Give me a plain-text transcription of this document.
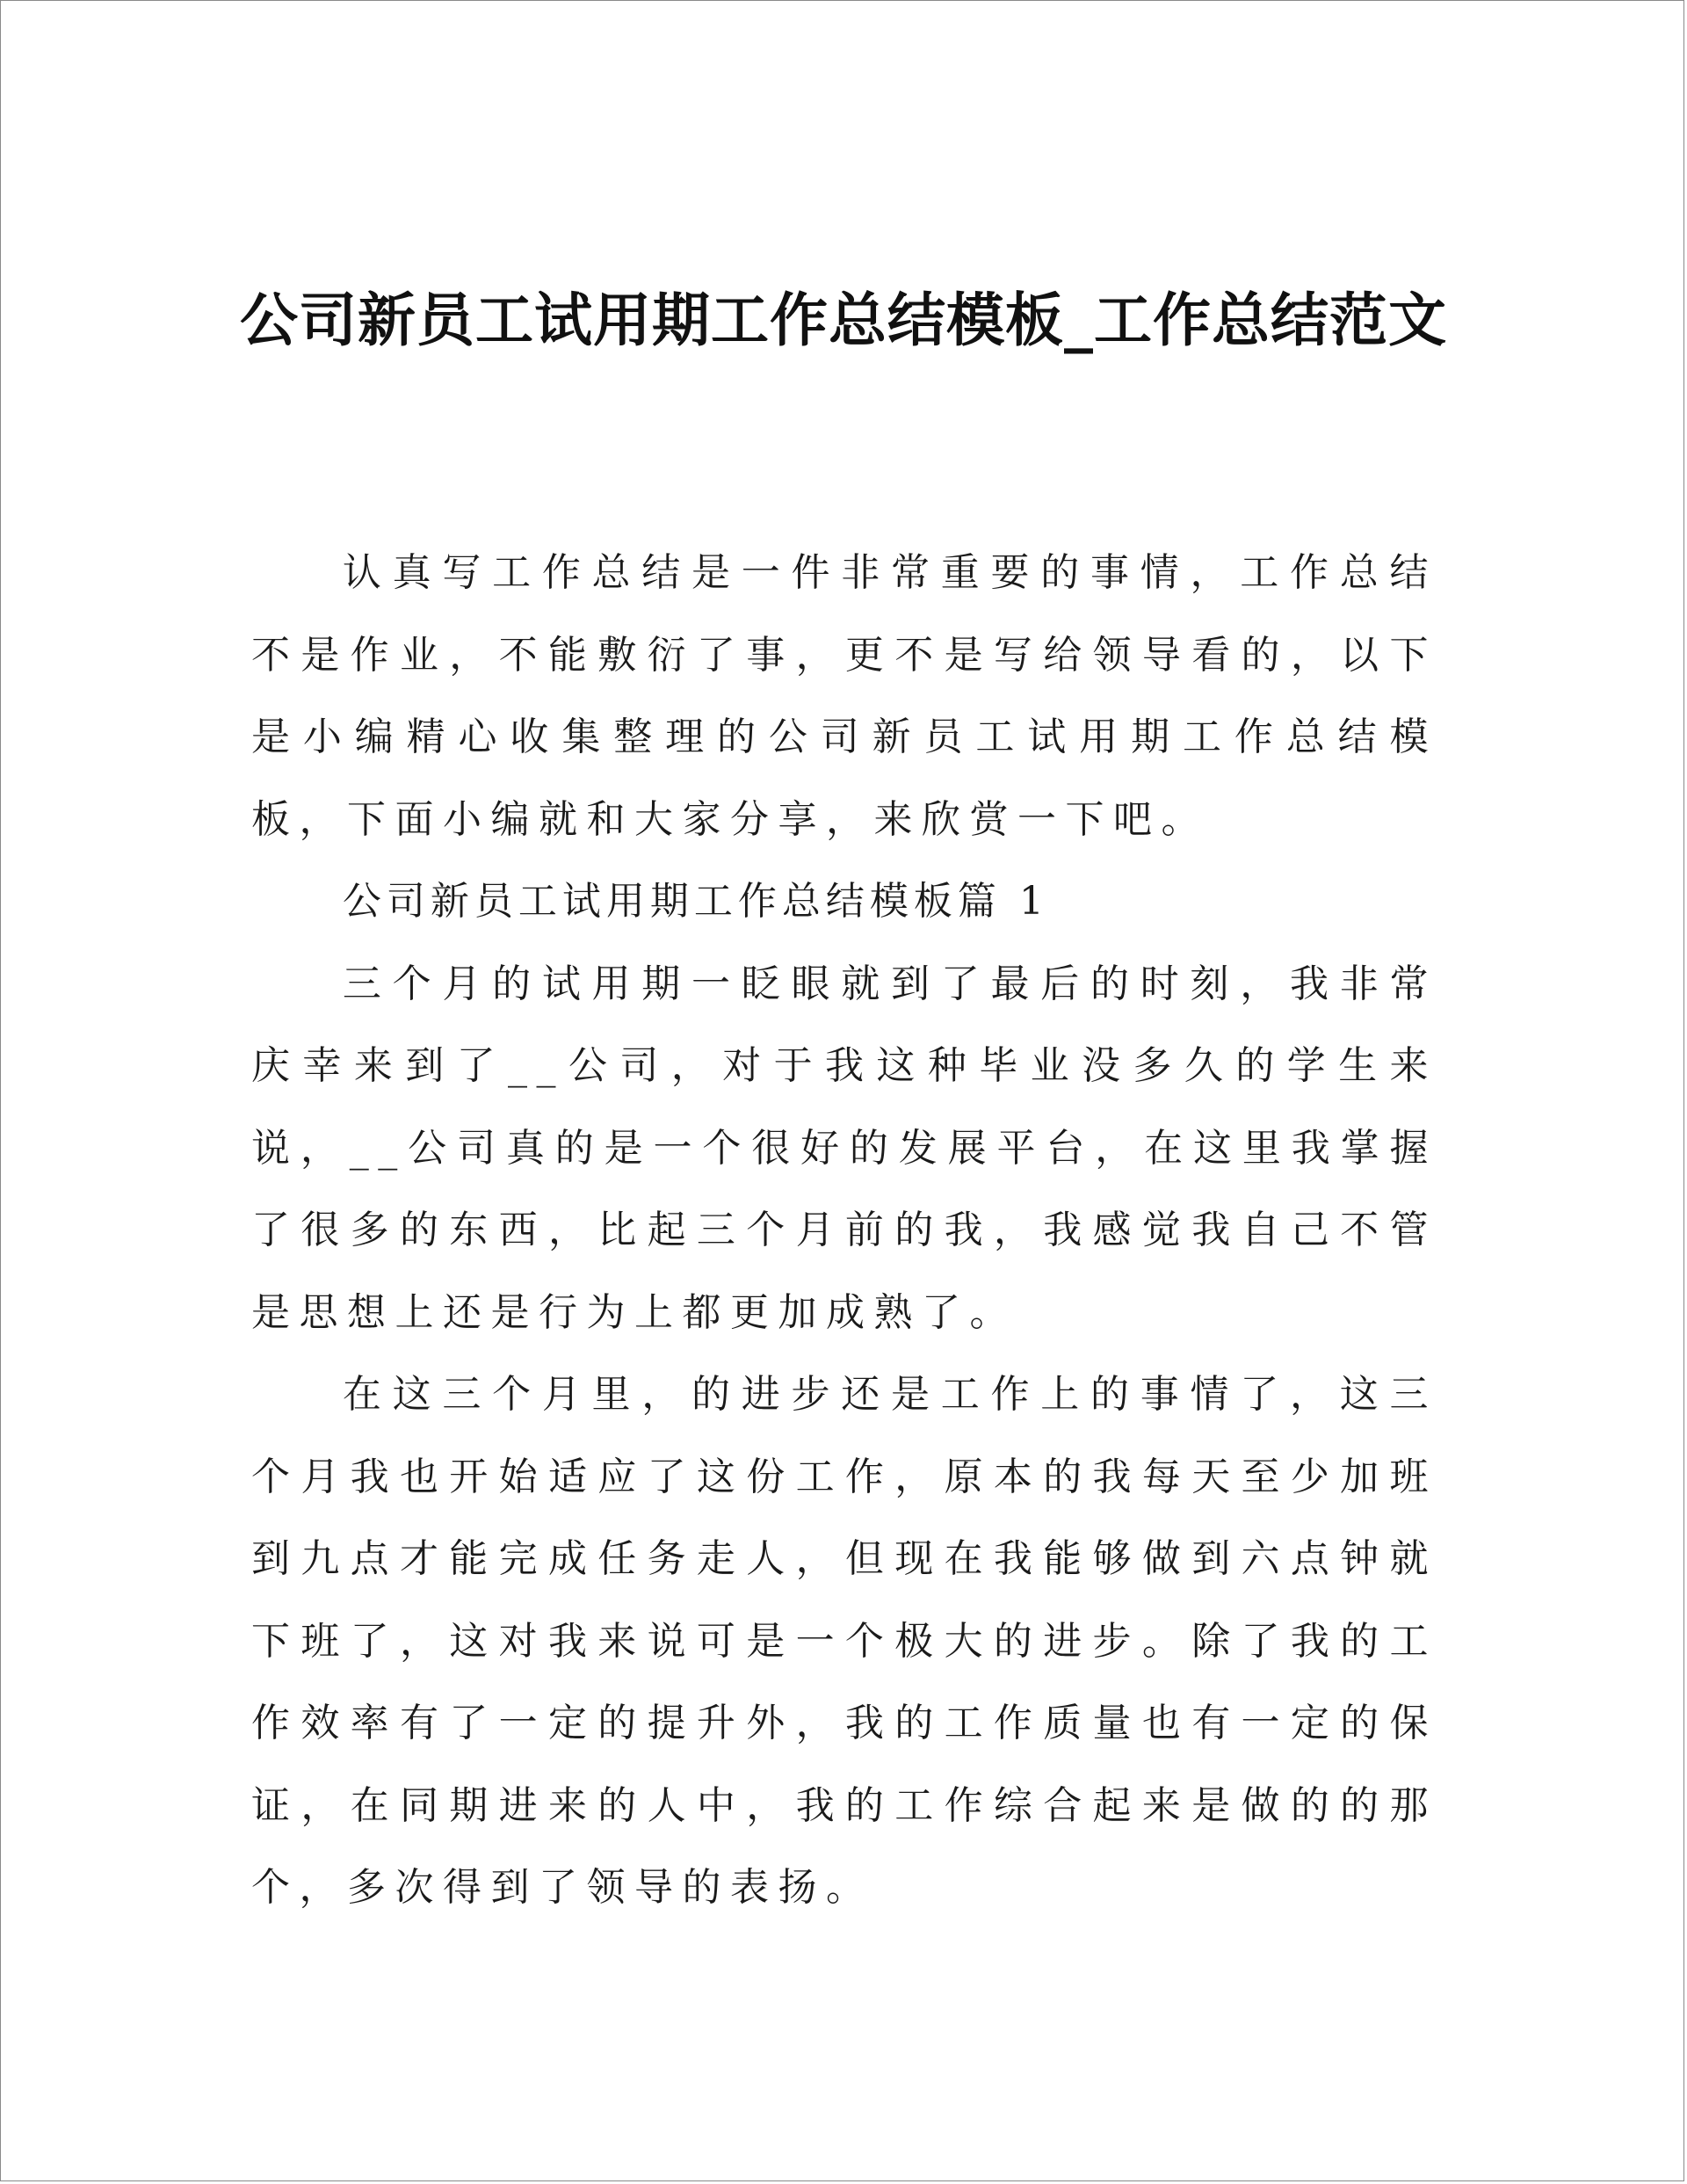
公司新员工试用期工作总结模板_工作总结范文

认真写工作总结是一件非常重要的事情，工作总结不是作业，不能敷衍了事，更不是写给领导看的，以下是小编精心收集整理的公司新员工试用期工作总结模板，下面小编就和大家分享，来欣赏一下吧。

公司新员工试用期工作总结模板篇 1

三个月的试用期一眨眼就到了最后的时刻，我非常庆幸来到了__公司，对于我这种毕业没多久的学生来说，__公司真的是一个很好的发展平台，在这里我掌握了很多的东西，比起三个月前的我，我感觉我自己不管是思想上还是行为上都更加成熟了。

在这三个月里，的进步还是工作上的事情了，这三个月我也开始适应了这份工作，原本的我每天至少加班到九点才能完成任务走人，但现在我能够做到六点钟就下班了，这对我来说可是一个极大的进步。除了我的工作效率有了一定的提升外，我的工作质量也有一定的保证，在同期进来的人中，我的工作综合起来是做的的那个，多次得到了领导的表扬。
